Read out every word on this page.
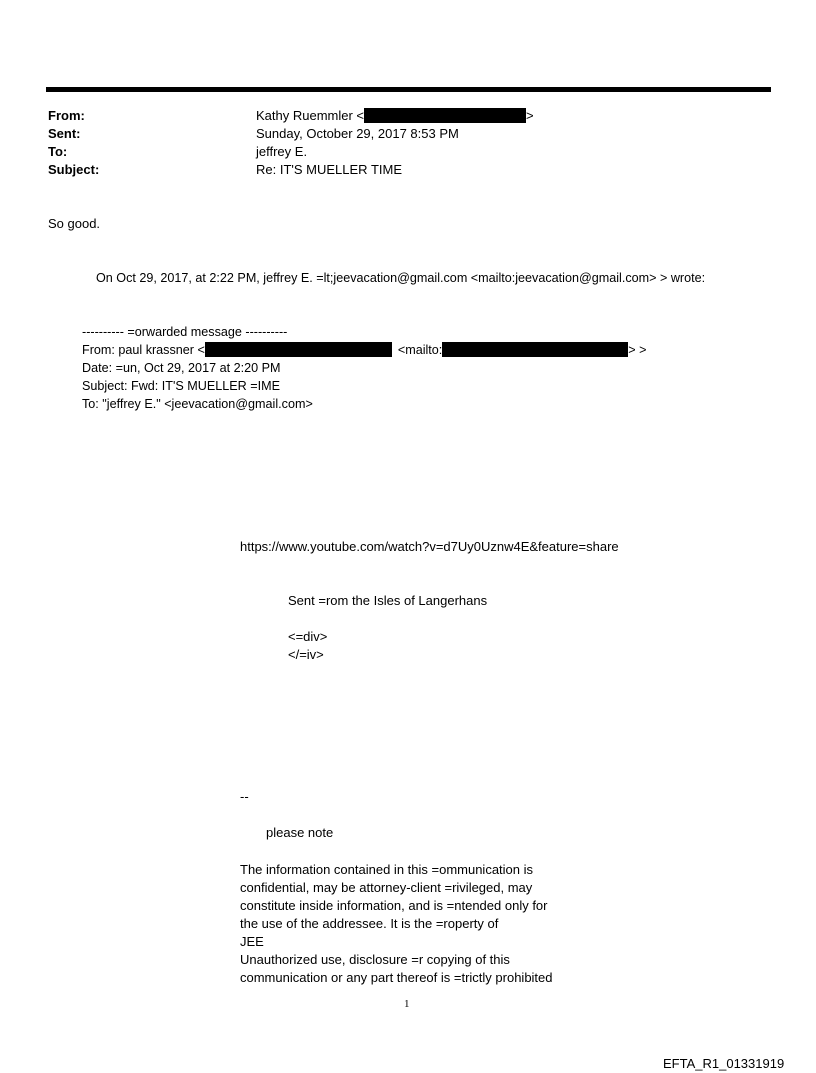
From:	Kathy Ruemmler <	>
Sent:	Sunday, October 29, 2017 8:53 PM
To:	jeffrey E.
Subject:	Re: IT'S MUELLER TIME
So good.
On Oct 29, 2017, at 2:22 PM, jeffrey E. =lt;jeevacation@gmail.com <mailto:jeevacation@gmail.com> > wrote:
---------- =orwarded message ----------
From: paul krassner <	<mailto:	> >
Date: =un, Oct 29, 2017 at 2:20 PM
Subject: Fwd: IT'S MUELLER =IME
To: "jeffrey E." <jeevacation@gmail.com>
https://www.youtube.com/watch?v=d7Uy0Uznw4E&feature=share
Sent =rom the Isles of Langerhans
<=div>
</=iv>
--
please note
The information contained in this =ommunication is
confidential, may be attorney-client =rivileged, may
constitute inside information, and is =ntended only for
the use of the addressee. It is the =roperty of
JEE
Unauthorized use, disclosure =r copying of this
communication or any part thereof is =trictly prohibited
1
EFTA_R1_01331919
